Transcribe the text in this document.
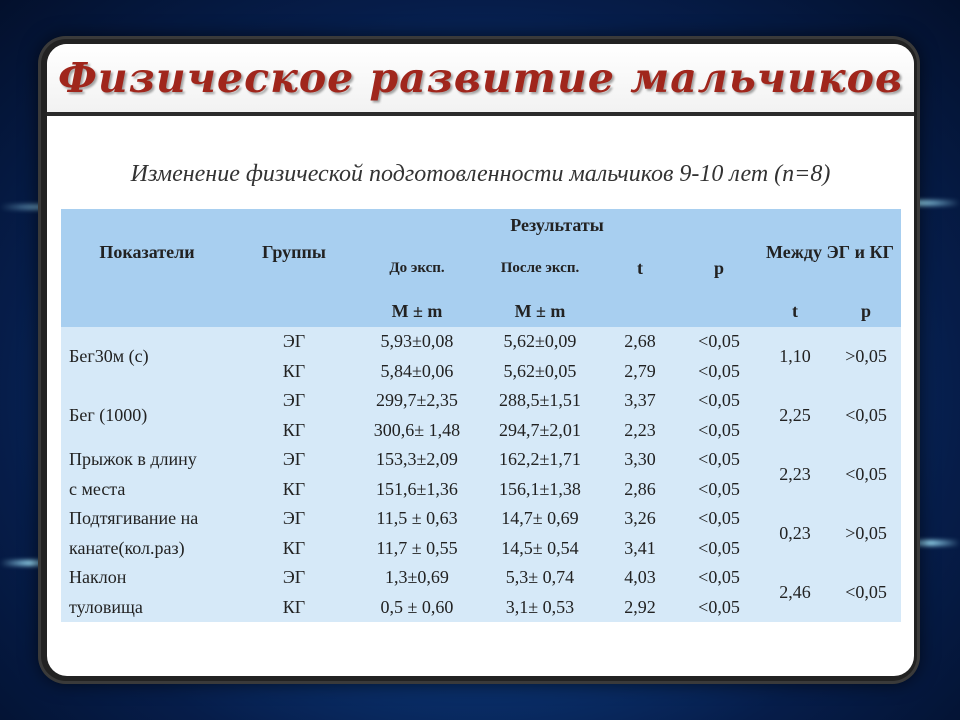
Физическое развитие мальчиков
Изменение физической подготовленности мальчиков 9-10 лет (n=8)
Показатели	Группы	Результаты				Между ЭГ и КГ	
		До эксп.	После эксп.	t	p		
		M ± m	M ± m			t	p
Бег30м (с)	ЭГ	5,93±0,08	5,62±0,09	2,68	<0,05	1,10	>0,05
	КГ	5,84±0,06	5,62±0,05	2,79	<0,05		
Бег (1000)	ЭГ	299,7±2,35	288,5±1,51	3,37	<0,05	2,25	<0,05
	КГ	300,6± 1,48	294,7±2,01	2,23	<0,05		
Прыжок в длину	ЭГ	153,3±2,09	162,2±1,71	3,30	<0,05	2,23	<0,05
с места	КГ	151,6±1,36	156,1±1,38	2,86	<0,05		
Подтягивание на	ЭГ	11,5 ± 0,63	14,7± 0,69	3,26	<0,05	0,23	>0,05
канате(кол.раз)	КГ	11,7 ± 0,55	14,5± 0,54	3,41	<0,05		
Наклон	ЭГ	1,3±0,69	5,3± 0,74	4,03	<0,05	2,46	<0,05
туловища	КГ	0,5 ± 0,60	3,1± 0,53	2,92	<0,05		
